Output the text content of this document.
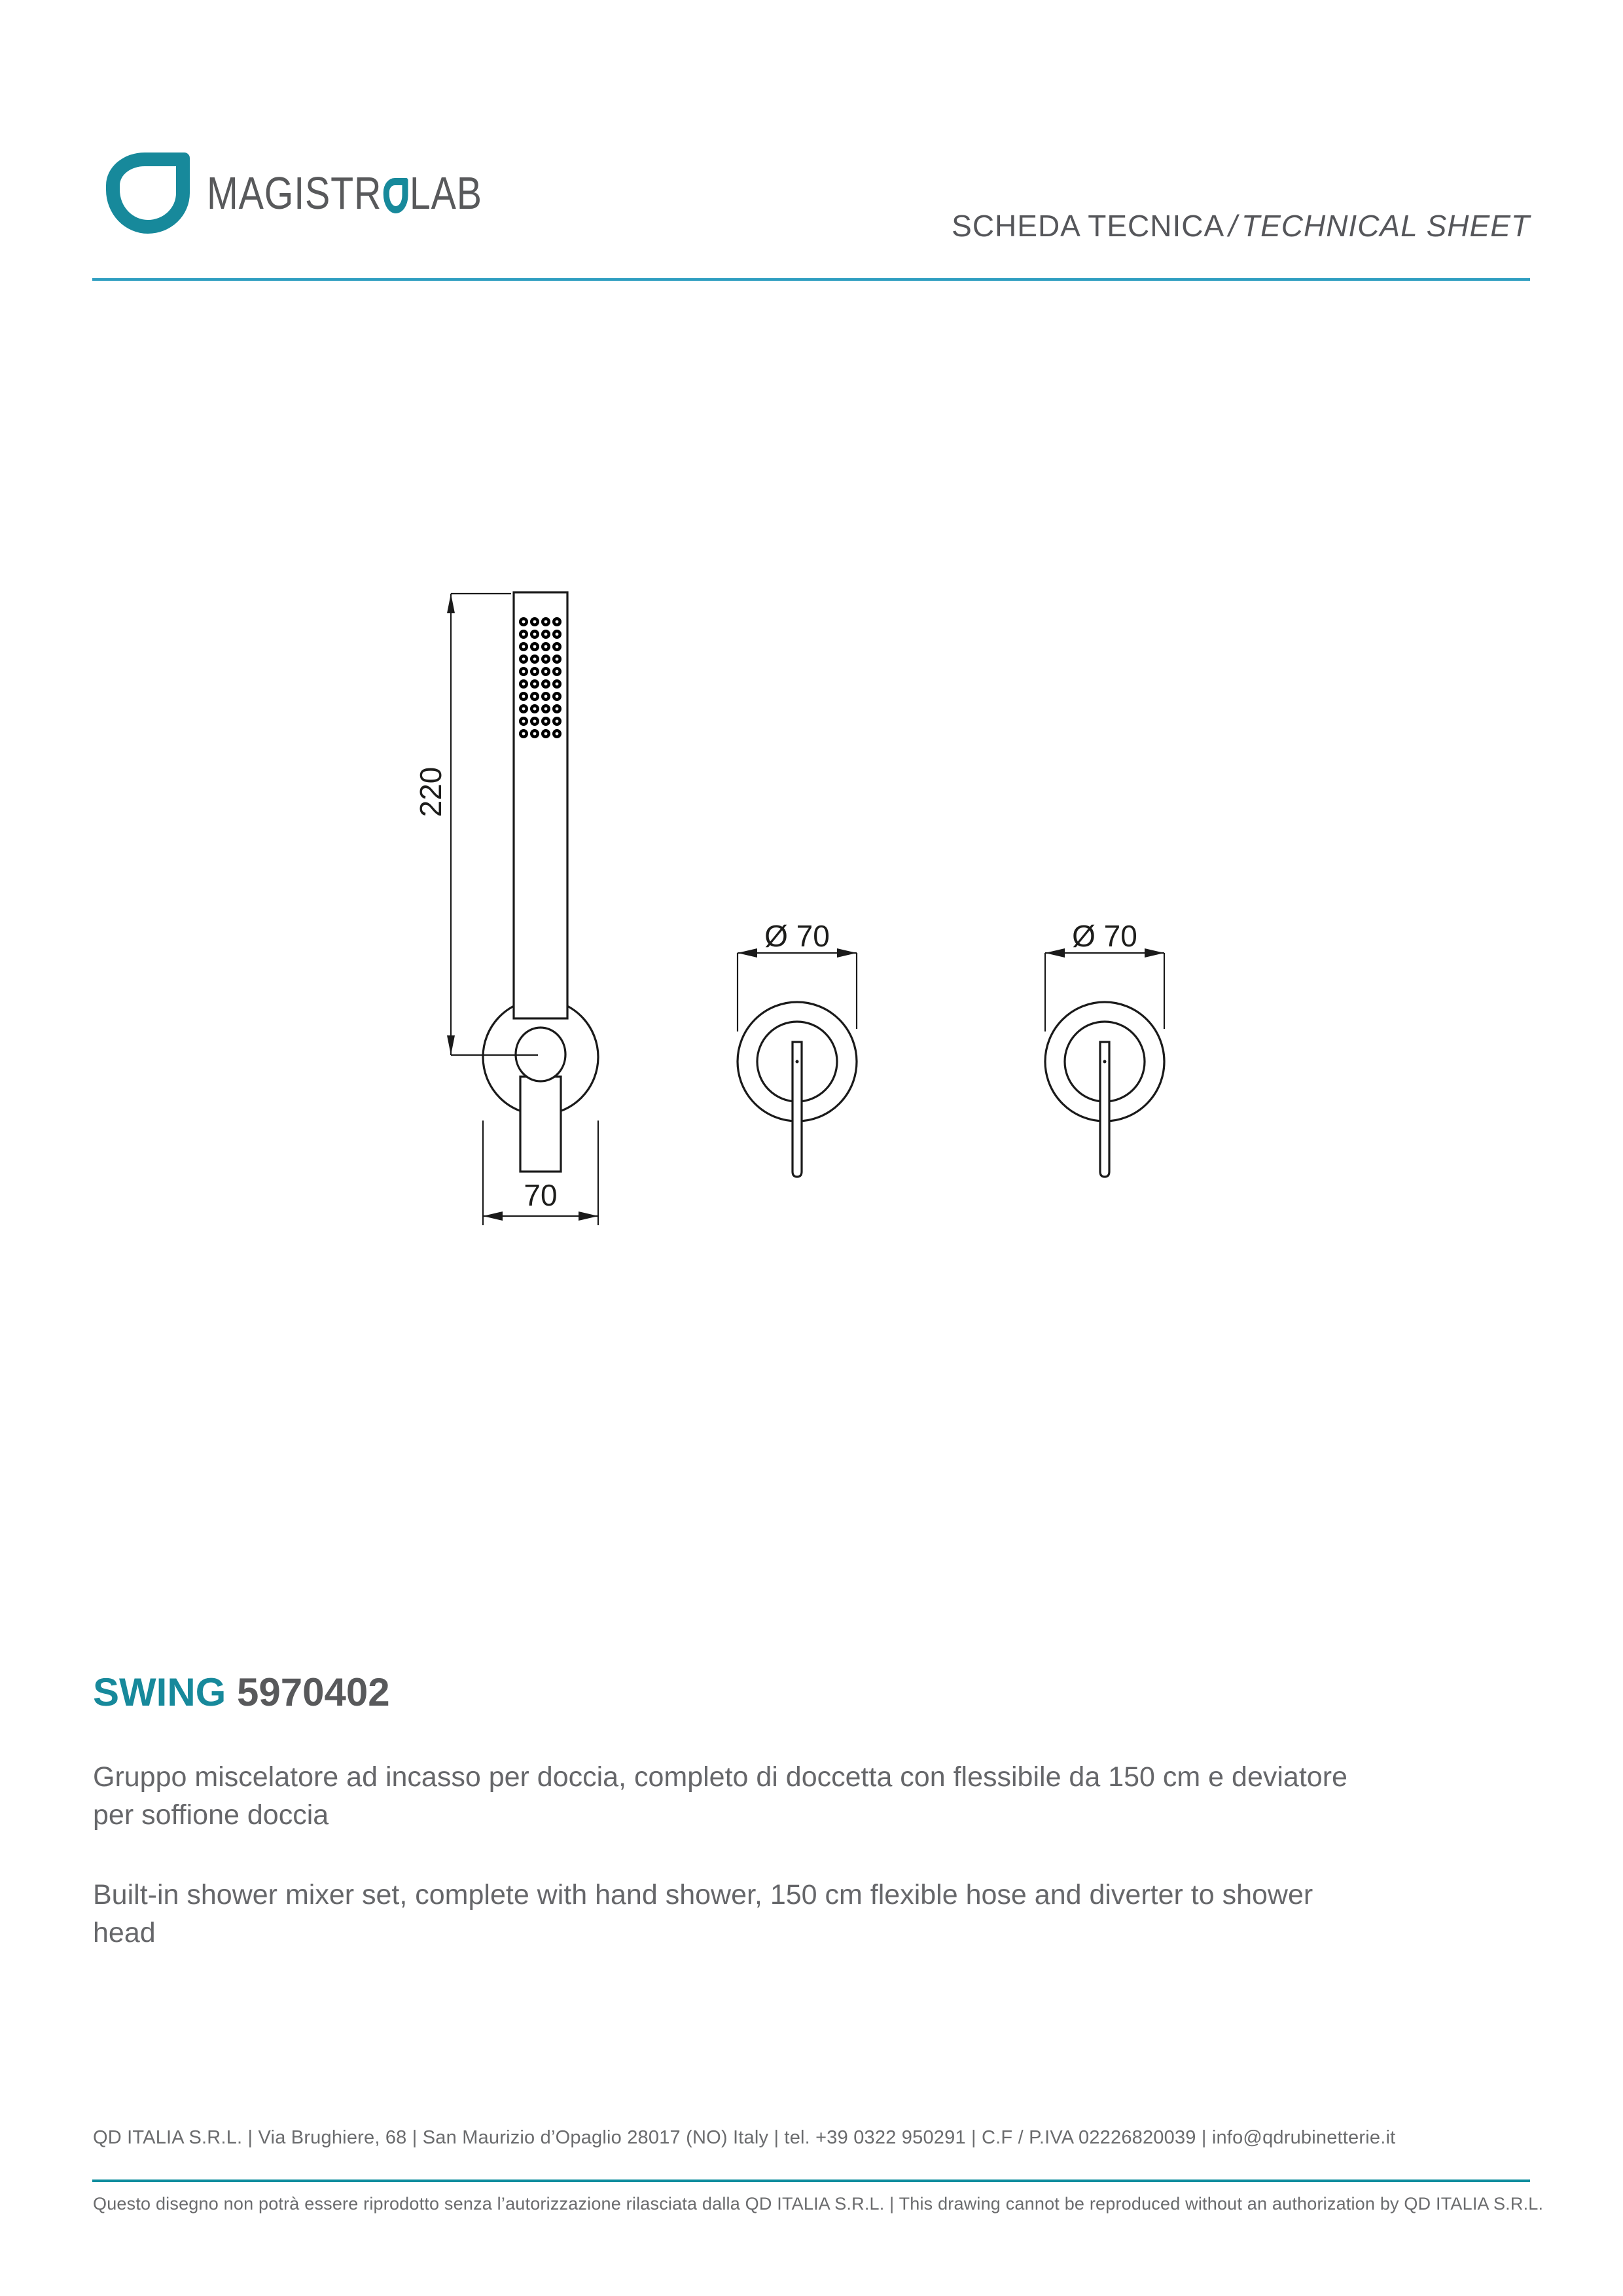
MAGISTR LAB
SCHEDA TECNICA / TECHNICAL SHEET
220
70
Ø 70	Ø 70
SWING 5970402
Gruppo miscelatore ad incasso per doccia, completo di doccetta con flessibile da 150 cm e deviatore
per soffione doccia
Built-in shower mixer set, complete with hand shower, 150 cm flexible hose and diverter to shower
head
QD ITALIA S.R.L. | Via Brughiere, 68 | San Maurizio d’Opaglio 28017 (NO) Italy | tel. +39 0322 950291 | C.F / P.IVA 02226820039 | info@qdrubinetterie.it
Questo disegno non potrà essere riprodotto senza l’autorizzazione rilasciata dalla QD ITALIA S.R.L. | This drawing cannot be reproduced without an authorization by QD ITALIA S.R.L.
